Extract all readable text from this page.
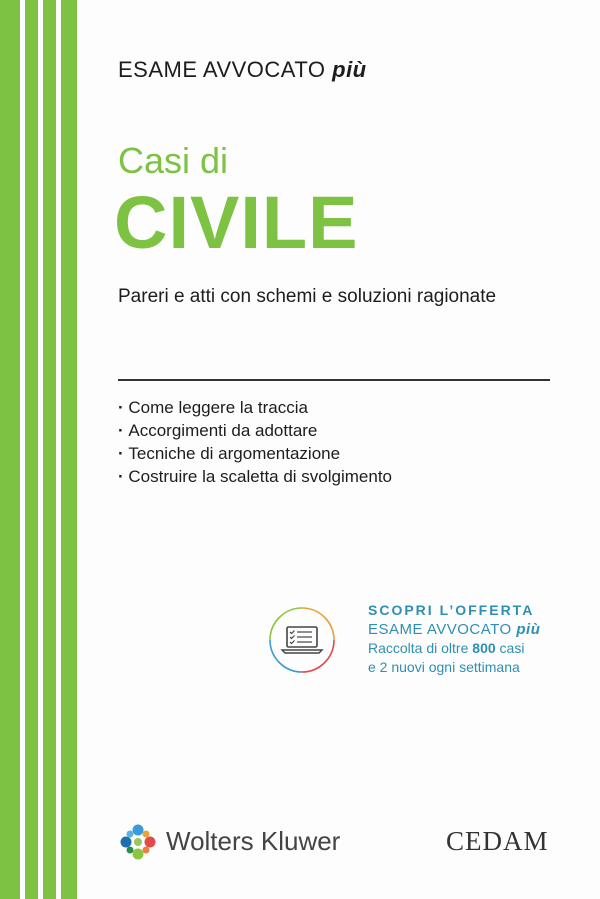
ESAME AVVOCATO più
Casi di
CIVILE
Pareri e atti con schemi e soluzioni ragionate
· Come leggere la traccia
· Accorgimenti da adottare
· Tecniche di argomentazione
· Costruire la scaletta di svolgimento
SCOPRI L’OFFERTA
ESAME AVVOCATO più
Raccolta di oltre 800 casi
e 2 nuovi ogni settimana
Wolters Kluwer	CEDAM
